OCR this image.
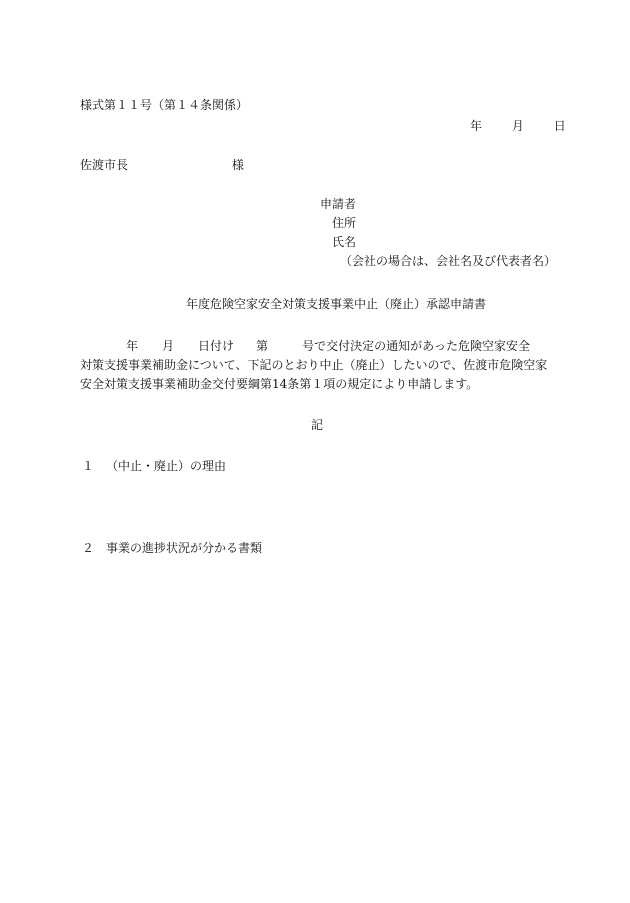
様式第１１号（第１４条関係）
年 月 日
佐渡市長	様
申請者
住所
氏名
（会社の場合は、会社名及び代表者名）
年度危険空家安全対策支援事業中止（廃止）承認申請書
年 月 日付け 第	号で交付決定の通知があった危険空家安全
対策支援事業補助金について、下記のとおり中止（廃止）したいので、佐渡市危険空家
安全対策支援事業補助金交付要綱第14条第１項の規定により申請します。
記
１ （中止・廃止）の理由
２ 事業の進捗状況が分かる書類
